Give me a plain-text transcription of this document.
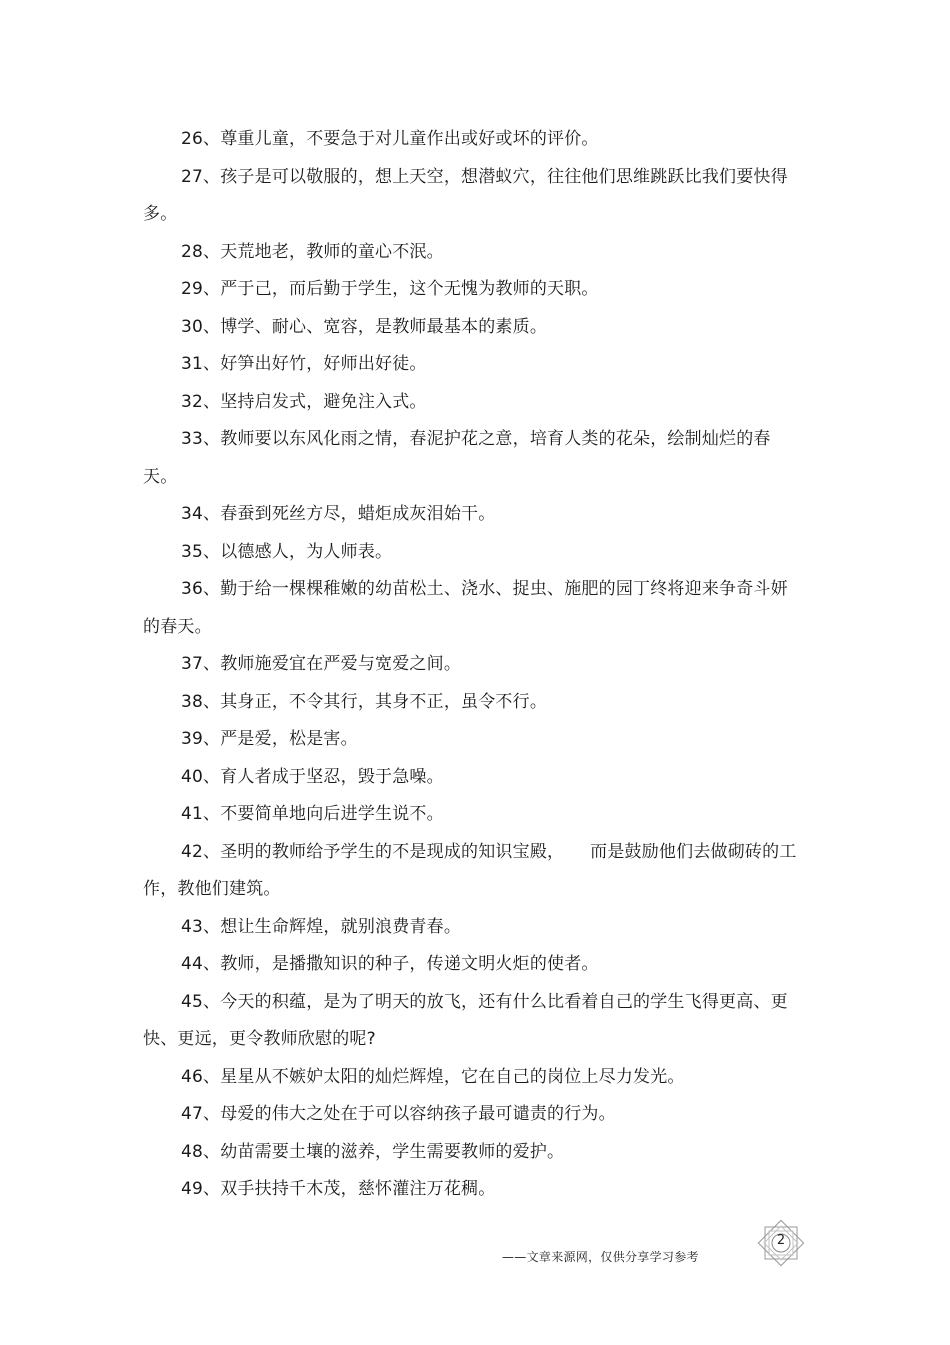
26、尊重儿童，不要急于对儿童作出或好或坏的评价。

27、孩子是可以敬服的，想上天空，想潜蚁穴，往往他们思维跳跃比我们要快得多。

28、天荒地老，教师的童心不泯。

29、严于己，而后勤于学生，这个无愧为教师的天职。

30、博学、耐心、宽容，是教师最基本的素质。

31、好笋出好竹，好师出好徒。

32、坚持启发式，避免注入式。

33、教师要以东风化雨之情，春泥护花之意，培育人类的花朵，绘制灿烂的春天。

34、春蚕到死丝方尽，蜡炬成灰泪始干。

35、以德感人，为人师表。

36、勤于给一棵棵稚嫩的幼苗松土、浇水、捉虫、施肥的园丁终将迎来争奇斗妍的春天。

37、教师施爱宜在严爱与宽爱之间。

38、其身正，不令其行，其身不正，虽令不行。

39、严是爱，松是害。

40、育人者成于坚忍，毁于急噪。

41、不要简单地向后进学生说不。

42、圣明的教师给予学生的不是现成的知识宝殿，　　而是鼓励他们去做砌砖的工作，教他们建筑。

43、想让生命辉煌，就别浪费青春。

44、教师，是播撒知识的种子，传递文明火炬的使者。

45、今天的积蕴，是为了明天的放飞，还有什么比看着自己的学生飞得更高、更快、更远，更令教师欣慰的呢?

46、星星从不嫉妒太阳的灿烂辉煌，它在自己的岗位上尽力发光。

47、母爱的伟大之处在于可以容纳孩子最可谴责的行为。

48、幼苗需要土壤的滋养，学生需要教师的爱护。

49、双手扶持千木茂，慈怀灌注万花稠。

——文章来源网，仅供分享学习参考
2
